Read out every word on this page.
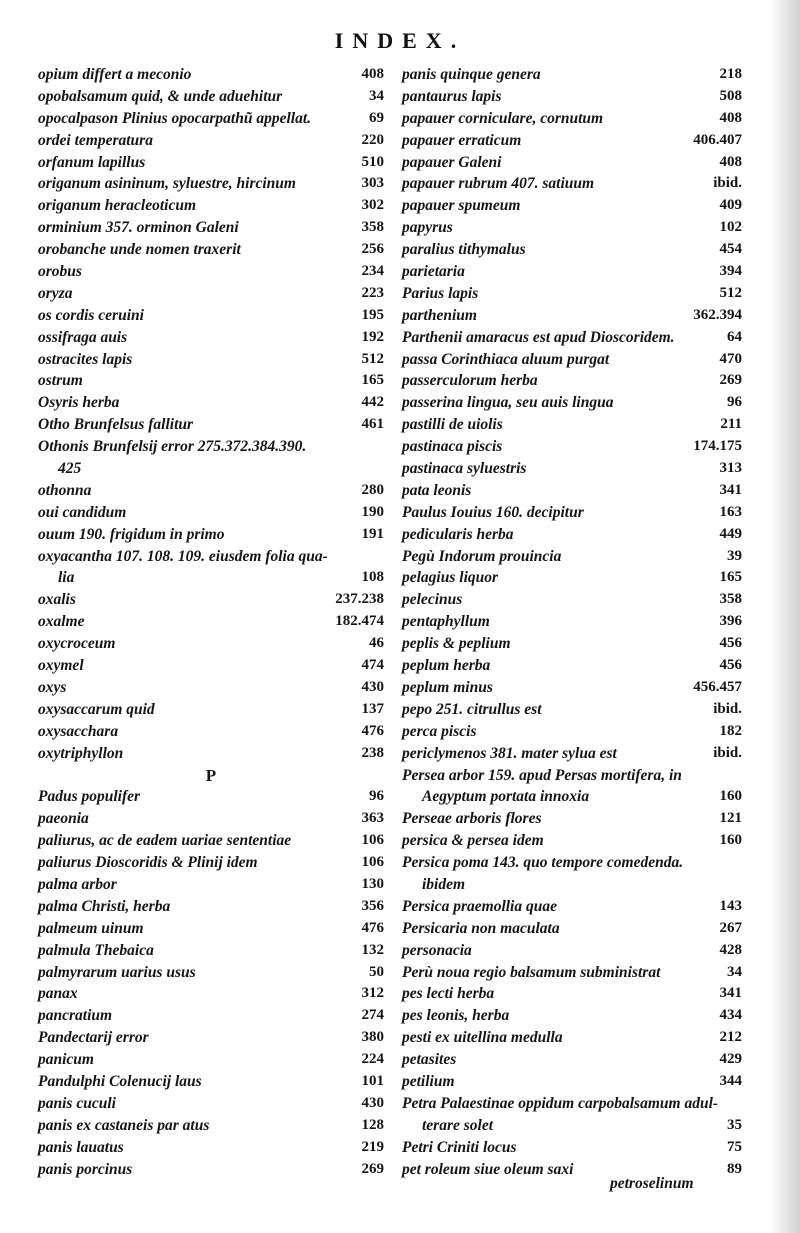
INDEX.
opium differt a meconio	408
opobalsamum quid, & unde aduehitur	34
opocalpason Plinius opocarpathũ appellat.	69
ordei temperatura	220
orfanum lapillus	510
origanum asininum, syluestre, hircinum	303
origanum heracleoticum	302
orminium 357. orminon Galeni	358
orobanche unde nomen traxerit	256
orobus	234
oryza	223
os cordis ceruini	195
ossifraga auis	192
ostracites lapis	512
ostrum	165
Osyris herba	442
Otho Brunfelsus fallitur	461
Othonis Brunfelsij error 275.372.384.390.
425
othonna	280
oui candidum	190
ouum 190. frigidum in primo	191
oxyacantha 107. 108. 109. eiusdem folia qua-
lia	108
oxalis	237.238
oxalme	182.474
oxycroceum	46
oxymel	474
oxys	430
oxysaccarum quid	137
oxysacchara	476
oxytriphyllon	238
P
Padus populifer	96
paeonia	363
paliurus, ac de eadem uariae sententiae	106
paliurus Dioscoridis & Plinij idem	106
palma arbor	130
palma Christi, herba	356
palmeum uinum	476
palmula Thebaica	132
palmyrarum uarius usus	50
panax	312
pancratium	274
Pandectarij error	380
panicum	224
Pandulphi Colenucij laus	101
panis cuculi	430
panis ex castaneis par atus	128
panis lauatus	219
panis porcinus	269
panis quinque genera	218
pantaurus lapis	508
papauer corniculare, cornutum	408
papauer erraticum	406.407
papauer Galeni	408
papauer rubrum 407. satiuum	ibid.
papauer spumeum	409
papyrus	102
paralius tithymalus	454
parietaria	394
Parius lapis	512
parthenium	362.394
Parthenii amaracus est apud Dioscoridem.	64
passa Corinthiaca aluum purgat	470
passerculorum herba	269
passerina lingua, seu auis lingua	96
pastilli de uiolis	211
pastinaca piscis	174.175
pastinaca syluestris	313
pata leonis	341
Paulus Iouius 160. decipitur	163
pedicularis herba	449
Pegù Indorum prouincia	39
pelagius liquor	165
pelecinus	358
pentaphyllum	396
peplis & peplium	456
peplum herba	456
peplum minus	456.457
pepo 251. citrullus est	ibid.
perca piscis	182
periclymenos 381. mater sylua est	ibid.
Persea arbor 159. apud Persas mortifera, in
Aegyptum portata innoxia	160
Perseae arboris flores	121
persica & persea idem	160
Persica poma 143. quo tempore comedenda.
ibidem
Persica praemollia quae	143
Persicaria non maculata	267
personacia	428
Perù noua regio balsamum subministrat	34
pes lecti herba	341
pes leonis, herba	434
pesti ex uitellina medulla	212
petasites	429
petilium	344
Petra Palaestinae oppidum carpobalsamum adul-
terare solet	35
Petri Criniti locus	75
pet roleum siue oleum saxi	89
petroselinum
